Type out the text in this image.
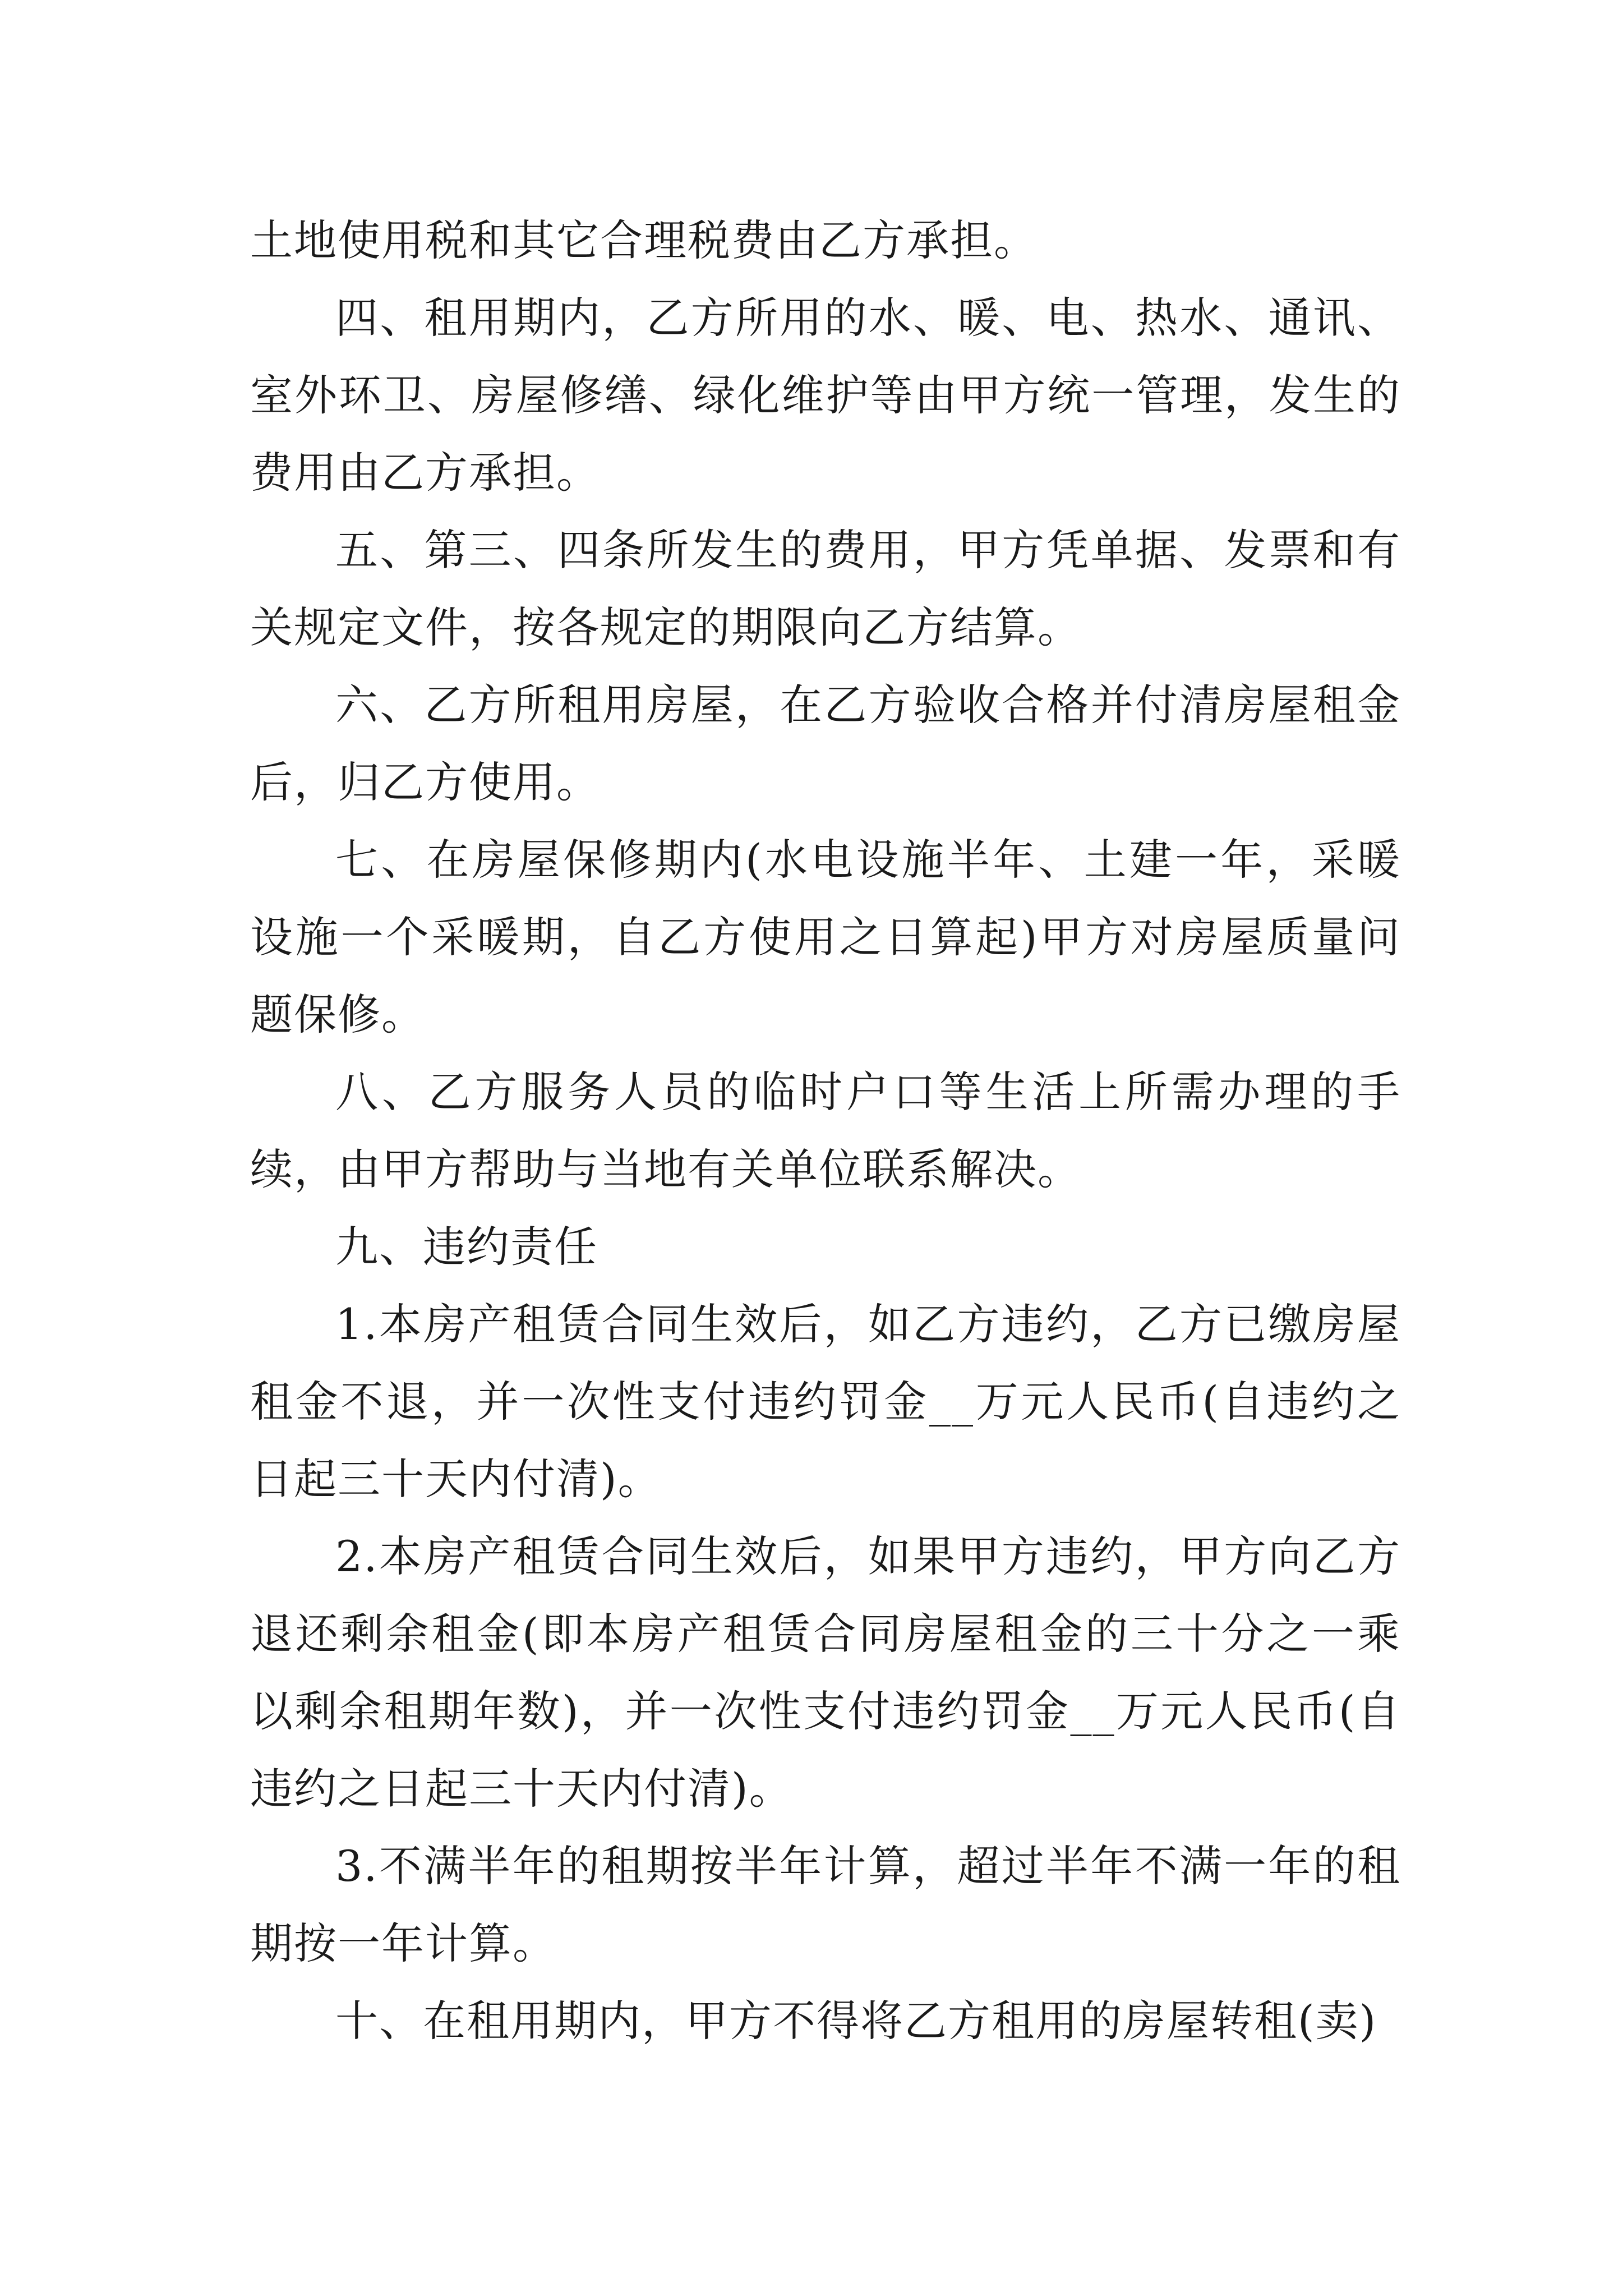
土地使用税和其它合理税费由乙方承担。

四、租用期内，乙方所用的水、暖、电、热水、通讯、室外环卫、房屋修缮、绿化维护等由甲方统一管理，发生的费用由乙方承担。

五、第三、四条所发生的费用，甲方凭单据、发票和有关规定文件，按各规定的期限向乙方结算。

六、乙方所租用房屋，在乙方验收合格并付清房屋租金后，归乙方使用。

七、在房屋保修期内(水电设施半年、土建一年，采暖设施一个采暖期，自乙方使用之日算起)甲方对房屋质量问题保修。

八、乙方服务人员的临时户口等生活上所需办理的手续，由甲方帮助与当地有关单位联系解决。

九、违约责任

1.本房产租赁合同生效后，如乙方违约，乙方已缴房屋租金不退，并一次性支付违约罚金__万元人民币(自违约之日起三十天内付清)。

2.本房产租赁合同生效后，如果甲方违约，甲方向乙方退还剩余租金(即本房产租赁合同房屋租金的三十分之一乘以剩余租期年数)，并一次性支付违约罚金__万元人民币(自违约之日起三十天内付清)。

3.不满半年的租期按半年计算，超过半年不满一年的租期按一年计算。

十、在租用期内，甲方不得将乙方租用的房屋转租(卖)
